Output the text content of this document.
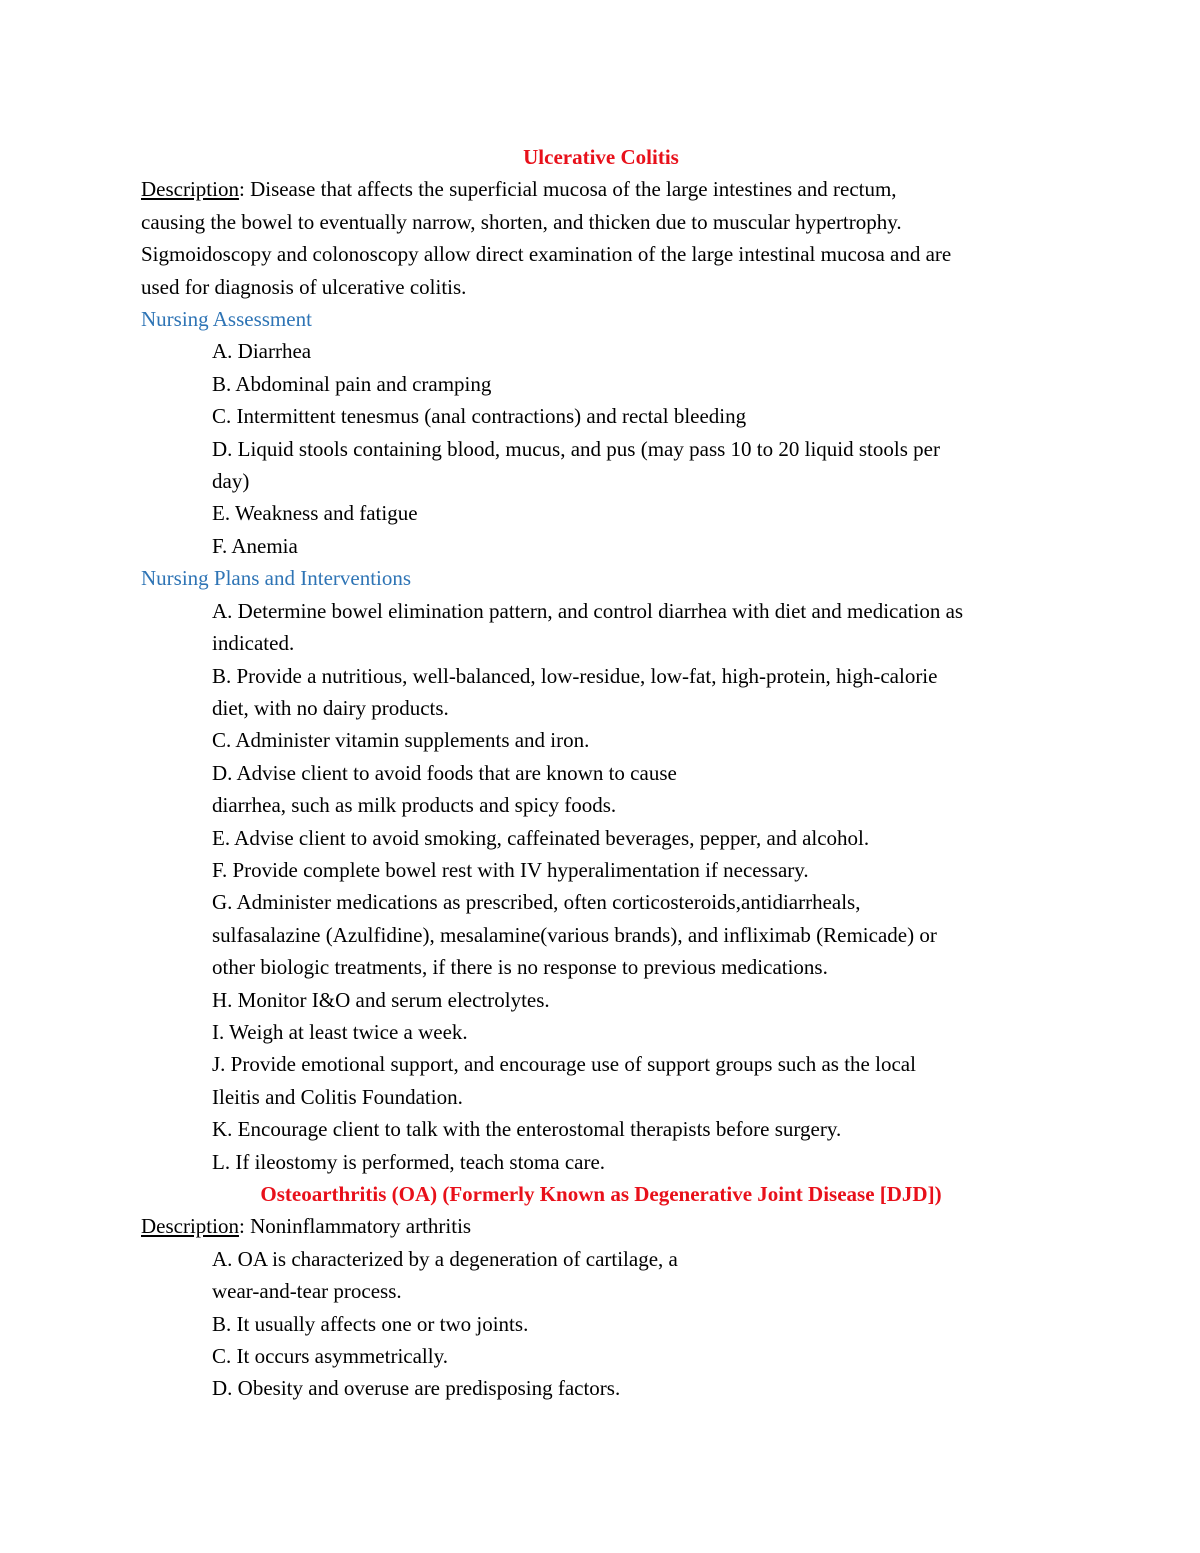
Ulcerative Colitis
Description: Disease that affects the superficial mucosa of the large intestines and rectum,
causing the bowel to eventually narrow, shorten, and thicken due to muscular hypertrophy.
Sigmoidoscopy and colonoscopy allow direct examination of the large intestinal mucosa and are
used for diagnosis of ulcerative colitis.
Nursing Assessment
A. Diarrhea
B. Abdominal pain and cramping
C. Intermittent tenesmus (anal contractions) and rectal bleeding
D. Liquid stools containing blood, mucus, and pus (may pass 10 to 20 liquid stools per
day)
E. Weakness and fatigue
F. Anemia
Nursing Plans and Interventions
A. Determine bowel elimination pattern, and control diarrhea with diet and medication as
indicated.
B. Provide a nutritious, well-balanced, low-residue, low-fat, high-protein, high-calorie
diet, with no dairy products.
C. Administer vitamin supplements and iron.
D. Advise client to avoid foods that are known to cause
diarrhea, such as milk products and spicy foods.
E. Advise client to avoid smoking, caffeinated beverages, pepper, and alcohol.
F. Provide complete bowel rest with IV hyperalimentation if necessary.
G. Administer medications as prescribed, often corticosteroids,antidiarrheals,
sulfasalazine (Azulfidine), mesalamine(various brands), and infliximab (Remicade) or
other biologic treatments, if there is no response to previous medications.
H. Monitor I&O and serum electrolytes.
I. Weigh at least twice a week.
J. Provide emotional support, and encourage use of support groups such as the local
Ileitis and Colitis Foundation.
K. Encourage client to talk with the enterostomal therapists before surgery.
L. If ileostomy is performed, teach stoma care.
Osteoarthritis (OA) (Formerly Known as Degenerative Joint Disease [DJD])
Description: Noninflammatory arthritis
A. OA is characterized by a degeneration of cartilage, a
wear-and-tear process.
B. It usually affects one or two joints.
C. It occurs asymmetrically.
D. Obesity and overuse are predisposing factors.
